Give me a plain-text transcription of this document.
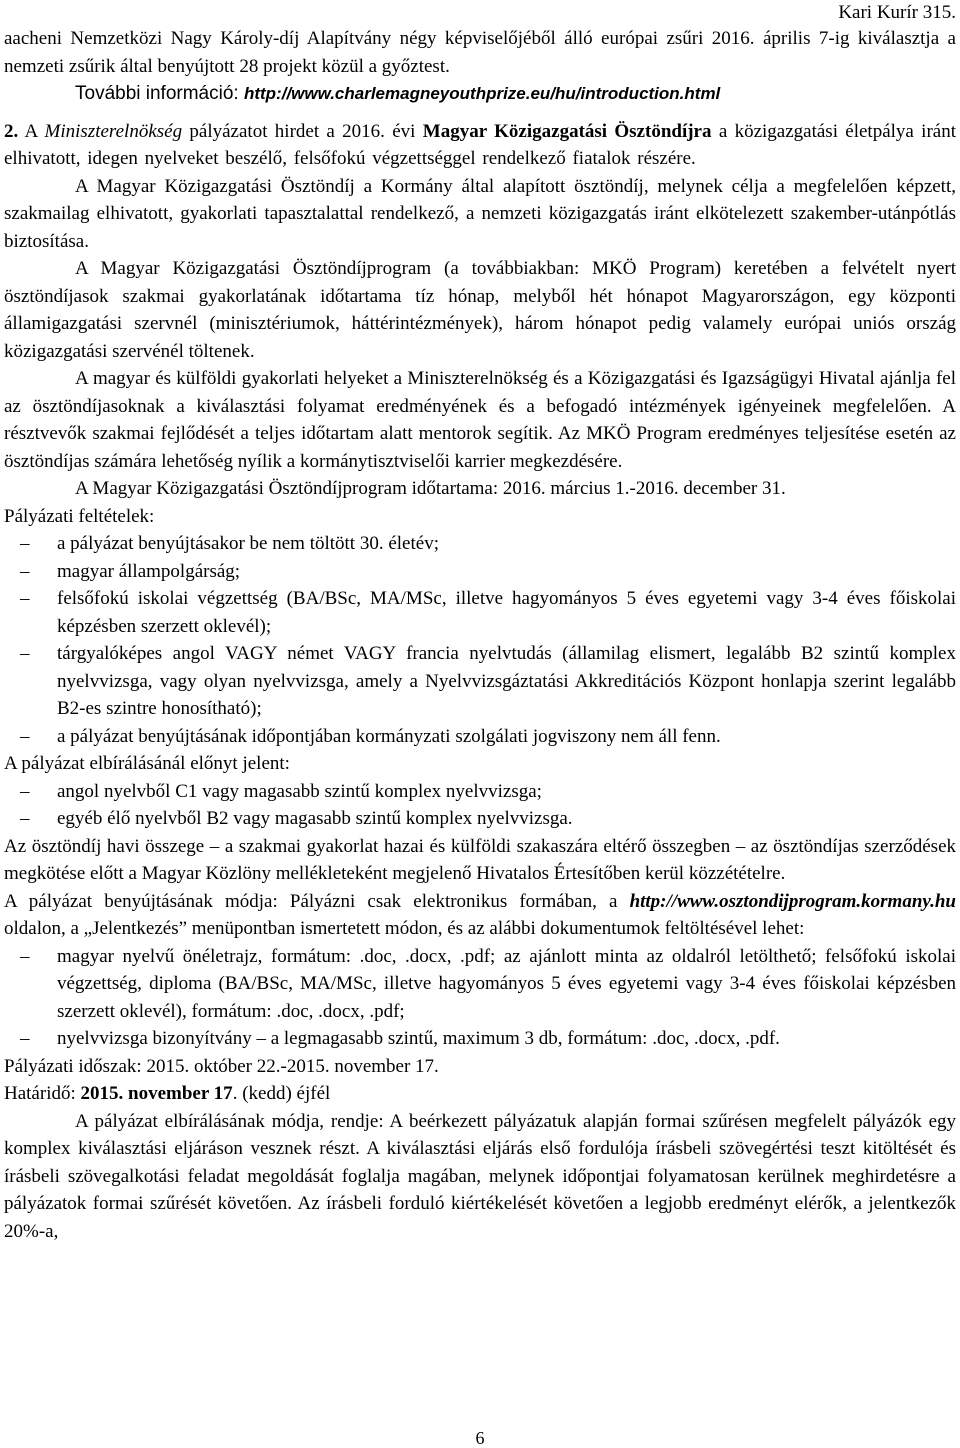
Kari Kurír 315.

aacheni Nemzetközi Nagy Károly-díj Alapítvány négy képviselőjéből álló európai zsűri 2016. április 7-ig kiválasztja a nemzeti zsűrik által benyújtott 28 projekt közül a győztest.

További információ: http://www.charlemagneyouthprize.eu/hu/introduction.html

2. A Miniszterelnökség pályázatot hirdet a 2016. évi Magyar Közigazgatási Ösztöndíjra a közigazgatási életpálya iránt elhivatott, idegen nyelveket beszélő, felsőfokú végzettséggel rendelkező fiatalok részére.

A Magyar Közigazgatási Ösztöndíj a Kormány által alapított ösztöndíj, melynek célja a megfelelően képzett, szakmailag elhivatott, gyakorlati tapasztalattal rendelkező, a nemzeti közigazgatás iránt elkötelezett szakember-utánpótlás biztosítása.

A Magyar Közigazgatási Ösztöndíjprogram (a továbbiakban: MKÖ Program) keretében a felvételt nyert ösztöndíjasok szakmai gyakorlatának időtartama tíz hónap, melyből hét hónapot Magyarországon, egy központi államigazgatási szervnél (minisztériumok, háttérintézmények), három hónapot pedig valamely európai uniós ország közigazgatási szervénél töltenek.

A magyar és külföldi gyakorlati helyeket a Miniszterelnökség és a Közigazgatási és Igazságügyi Hivatal ajánlja fel az ösztöndíjasoknak a kiválasztási folyamat eredményének és a befogadó intézmények igényeinek megfelelően. A résztvevők szakmai fejlődését a teljes időtartam alatt mentorok segítik. Az MKÖ Program eredményes teljesítése esetén az ösztöndíjas számára lehetőség nyílik a kormánytisztviselői karrier megkezdésére.

A Magyar Közigazgatási Ösztöndíjprogram időtartama: 2016. március 1.-2016. december 31.

Pályázati feltételek:

– a pályázat benyújtásakor be nem töltött 30. életév;
– magyar állampolgárság;
– felsőfokú iskolai végzettség (BA/BSc, MA/MSc, illetve hagyományos 5 éves egyetemi vagy 3-4 éves főiskolai képzésben szerzett oklevél);
– tárgyalóképes angol VAGY német VAGY francia nyelvtudás (államilag elismert, legalább B2 szintű komplex nyelvvizsga, vagy olyan nyelvvizsga, amely a Nyelvvizsgáztatási Akkreditációs Központ honlapja szerint legalább B2-es szintre honosítható);
– a pályázat benyújtásának időpontjában kormányzati szolgálati jogviszony nem áll fenn.

A pályázat elbírálásánál előnyt jelent:

– angol nyelvből C1 vagy magasabb szintű komplex nyelvvizsga;
– egyéb élő nyelvből B2 vagy magasabb szintű komplex nyelvvizsga.

Az ösztöndíj havi összege – a szakmai gyakorlat hazai és külföldi szakaszára eltérő összegben – az ösztöndíjas szerződések megkötése előtt a Magyar Közlöny mellékleteként megjelenő Hivatalos Értesítőben kerül közzétételre.

A pályázat benyújtásának módja: Pályázni csak elektronikus formában, a http://www.osztondijprogram.kormany.hu oldalon, a „Jelentkezés” menüpontban ismertetett módon, és az alábbi dokumentumok feltöltésével lehet:

– magyar nyelvű önéletrajz, formátum: .doc, .docx, .pdf; az ajánlott minta az oldalról letölthető; felsőfokú iskolai végzettség, diploma (BA/BSc, MA/MSc, illetve hagyományos 5 éves egyetemi vagy 3-4 éves főiskolai képzésben szerzett oklevél), formátum: .doc, .docx, .pdf;
– nyelvvizsga bizonyítvány – a legmagasabb szintű, maximum 3 db, formátum: .doc, .docx, .pdf.

Pályázati időszak: 2015. október 22.-2015. november 17.

Határidő: 2015. november 17. (kedd) éjfél

A pályázat elbírálásának módja, rendje: A beérkezett pályázatuk alapján formai szűrésen megfelelt pályázók egy komplex kiválasztási eljáráson vesznek részt. A kiválasztási eljárás első fordulója írásbeli szövegértési teszt kitöltését és írásbeli szövegalkotási feladat megoldását foglalja magában, melynek időpontjai folyamatosan kerülnek meghirdetésre a pályázatok formai szűrését követően. Az írásbeli forduló kiértékelését követően a legjobb eredményt elérők, a jelentkezők 20%-a,

6
